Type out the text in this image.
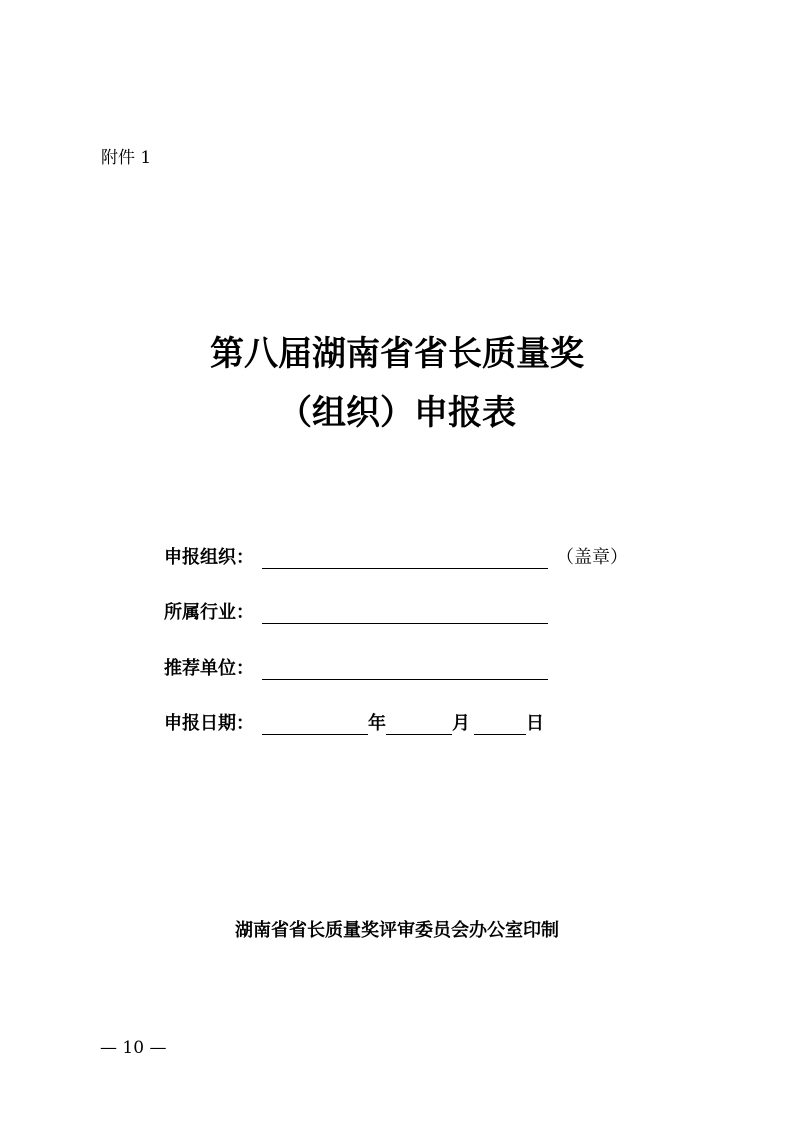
附件 1
第八届湖南省省长质量奖
（组织）申报表
申报组织：	（盖章）
所属行业：
推荐单位：
申报日期：	年	月	日
湖南省省长质量奖评审委员会办公室印制
— 10 —
